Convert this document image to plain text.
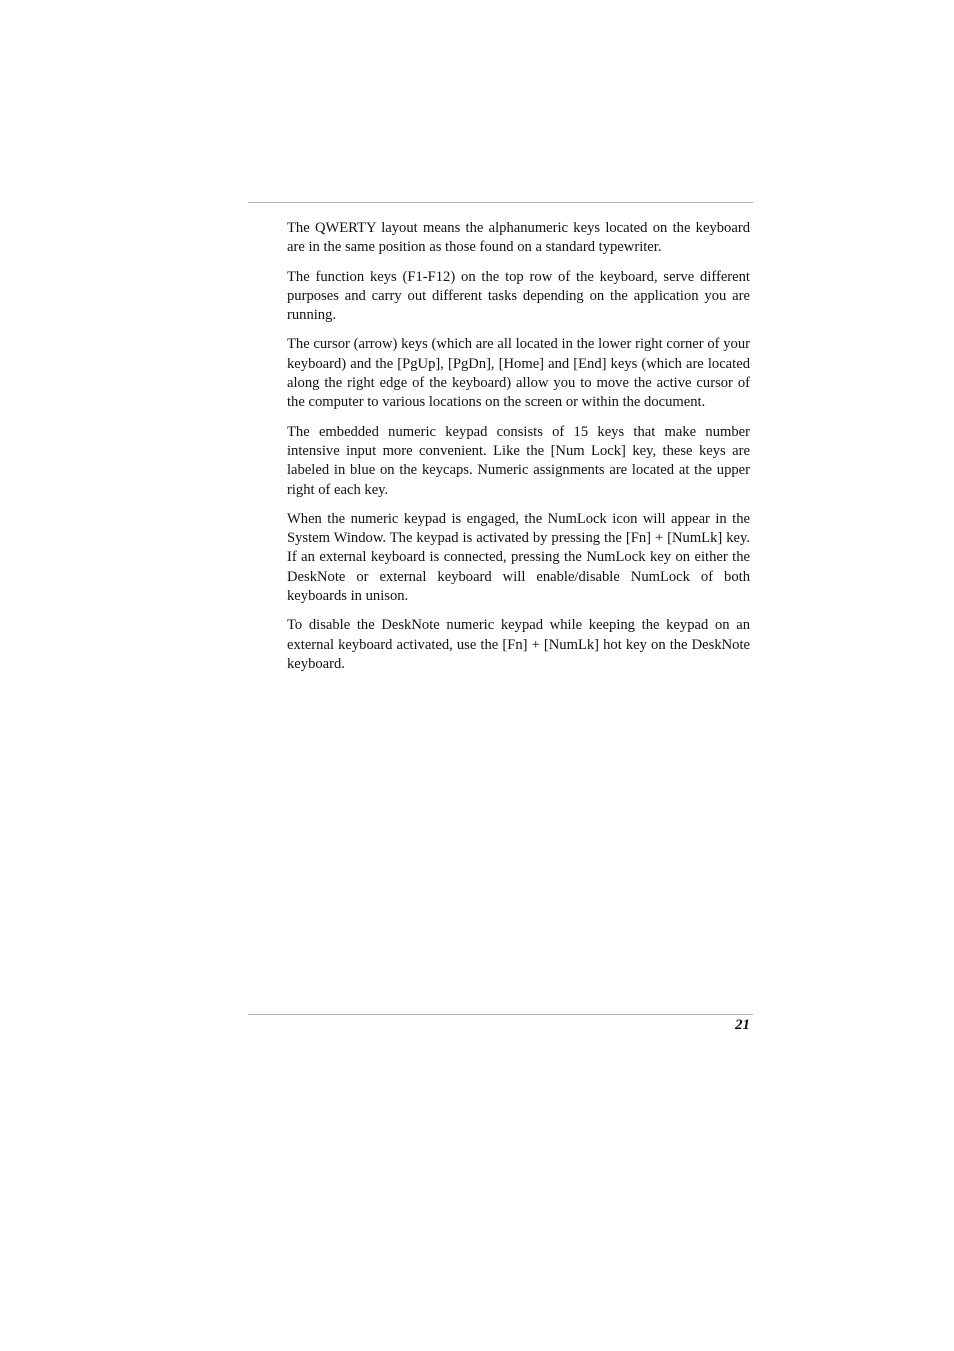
The QWERTY layout means the alphanumeric keys located on the keyboard are in the same position as those found on a standard typewriter.

The function keys (F1-F12) on the top row of the keyboard, serve different purposes and carry out different tasks depending on the application you are running.

The cursor (arrow) keys (which are all located in the lower right corner of your keyboard) and the [PgUp], [PgDn], [Home] and [End] keys (which are located along the right edge of the keyboard) allow you to move the active cursor of the computer to various locations on the screen or within the document.

The embedded numeric keypad consists of 15 keys that make number intensive input more convenient. Like the [Num Lock] key, these keys are labeled in blue on the keycaps. Numeric assignments are located at the upper right of each key.

When the numeric keypad is engaged, the NumLock icon will appear in the System Window. The keypad is activated by pressing the [Fn] + [NumLk] key. If an external keyboard is connected, pressing the NumLock key on either the DeskNote or external keyboard will enable/disable NumLock of both keyboards in unison.

To disable the DeskNote numeric keypad while keeping the keypad on an external keyboard activated, use the [Fn] + [NumLk] hot key on the DeskNote keyboard.

21
